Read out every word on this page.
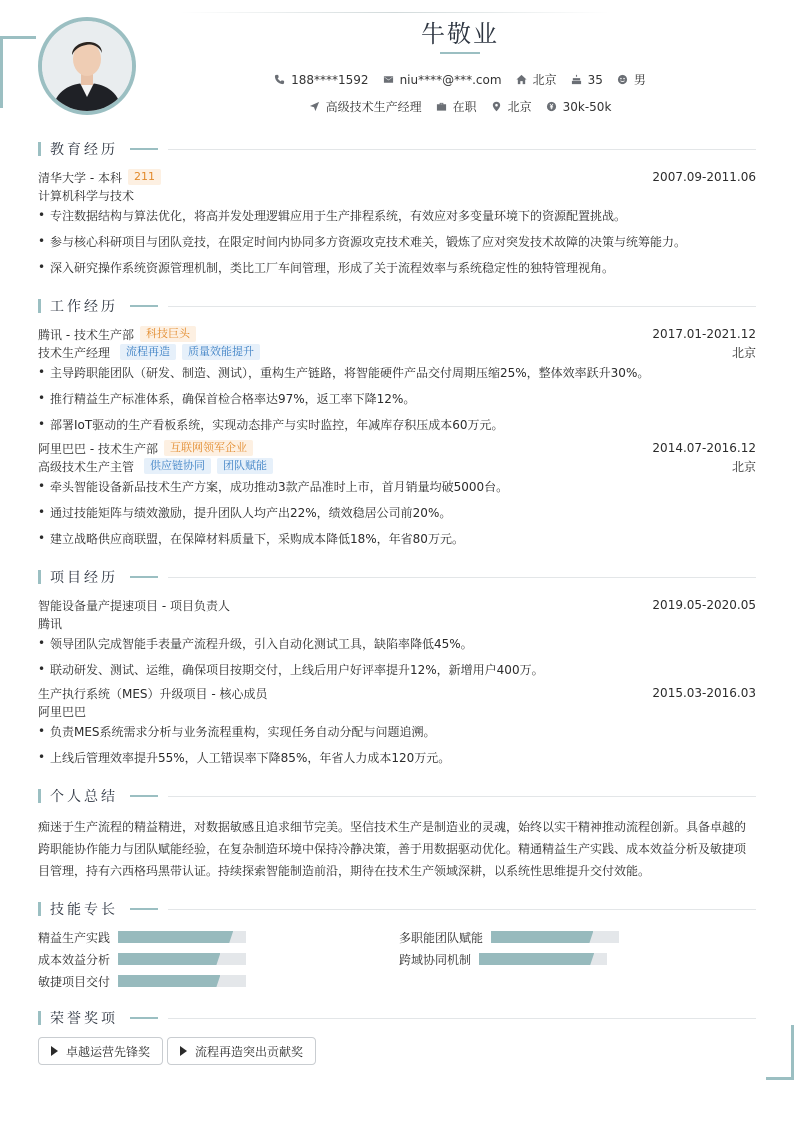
牛敬业
188****1592	niu****@***.com	北京	35	男
高级技术生产经理	在职	北京	30k-50k
教育经历
清华大学 - 本科	211	2007.09-2011.06
计算机科学与技术
• 专注数据结构与算法优化，将高并发处理逻辑应用于生产排程系统，有效应对多变量环境下的资源配置挑战。
• 参与核心科研项目与团队竞技，在限定时间内协同多方资源攻克技术难关，锻炼了应对突发技术故障的决策与统筹能力。
• 深入研究操作系统资源管理机制，类比工厂车间管理，形成了关于流程效率与系统稳定性的独特管理视角。
工作经历
腾讯 - 技术生产部	科技巨头	2017.01-2021.12
技术生产经理	流程再造	质量效能提升	北京
• 主导跨职能团队（研发、制造、测试），重构生产链路，将智能硬件产品交付周期压缩25%，整体效率跃升30%。
• 推行精益生产标准体系，确保首检合格率达97%，返工率下降12%。
• 部署IoT驱动的生产看板系统，实现动态排产与实时监控，年减库存积压成本60万元。
阿里巴巴 - 技术生产部	互联网领军企业	2014.07-2016.12
高级技术生产主管	供应链协同	团队赋能	北京
• 牵头智能设备新品技术生产方案，成功推动3款产品准时上市，首月销量均破5000台。
• 通过技能矩阵与绩效激励，提升团队人均产出22%，绩效稳居公司前20%。
• 建立战略供应商联盟，在保障材料质量下，采购成本降低18%，年省80万元。
项目经历
智能设备量产提速项目 - 项目负责人	2019.05-2020.05
腾讯
• 领导团队完成智能手表量产流程升级，引入自动化测试工具，缺陷率降低45%。
• 联动研发、测试、运维，确保项目按期交付，上线后用户好评率提升12%，新增用户400万。
生产执行系统（MES）升级项目 - 核心成员	2015.03-2016.03
阿里巴巴
• 负责MES系统需求分析与业务流程重构，实现任务自动分配与问题追溯。
• 上线后管理效率提升55%，人工错误率下降85%，年省人力成本120万元。
个人总结
痴迷于生产流程的精益精进，对数据敏感且追求细节完美。坚信技术生产是制造业的灵魂，始终以实干精神推动流程创新。具备卓越的跨职能协作能力与团队赋能经验，在复杂制造环境中保持冷静决策，善于用数据驱动优化。精通精益生产实践、成本效益分析及敏捷项目管理，持有六西格玛黑带认证。持续探索智能制造前沿，期待在技术生产领域深耕，以系统性思维提升交付效能。
技能专长
精益生产实践	多职能团队赋能
成本效益分析	跨域协同机制
敏捷项目交付
荣誉奖项
卓越运营先锋奖	流程再造突出贡献奖
